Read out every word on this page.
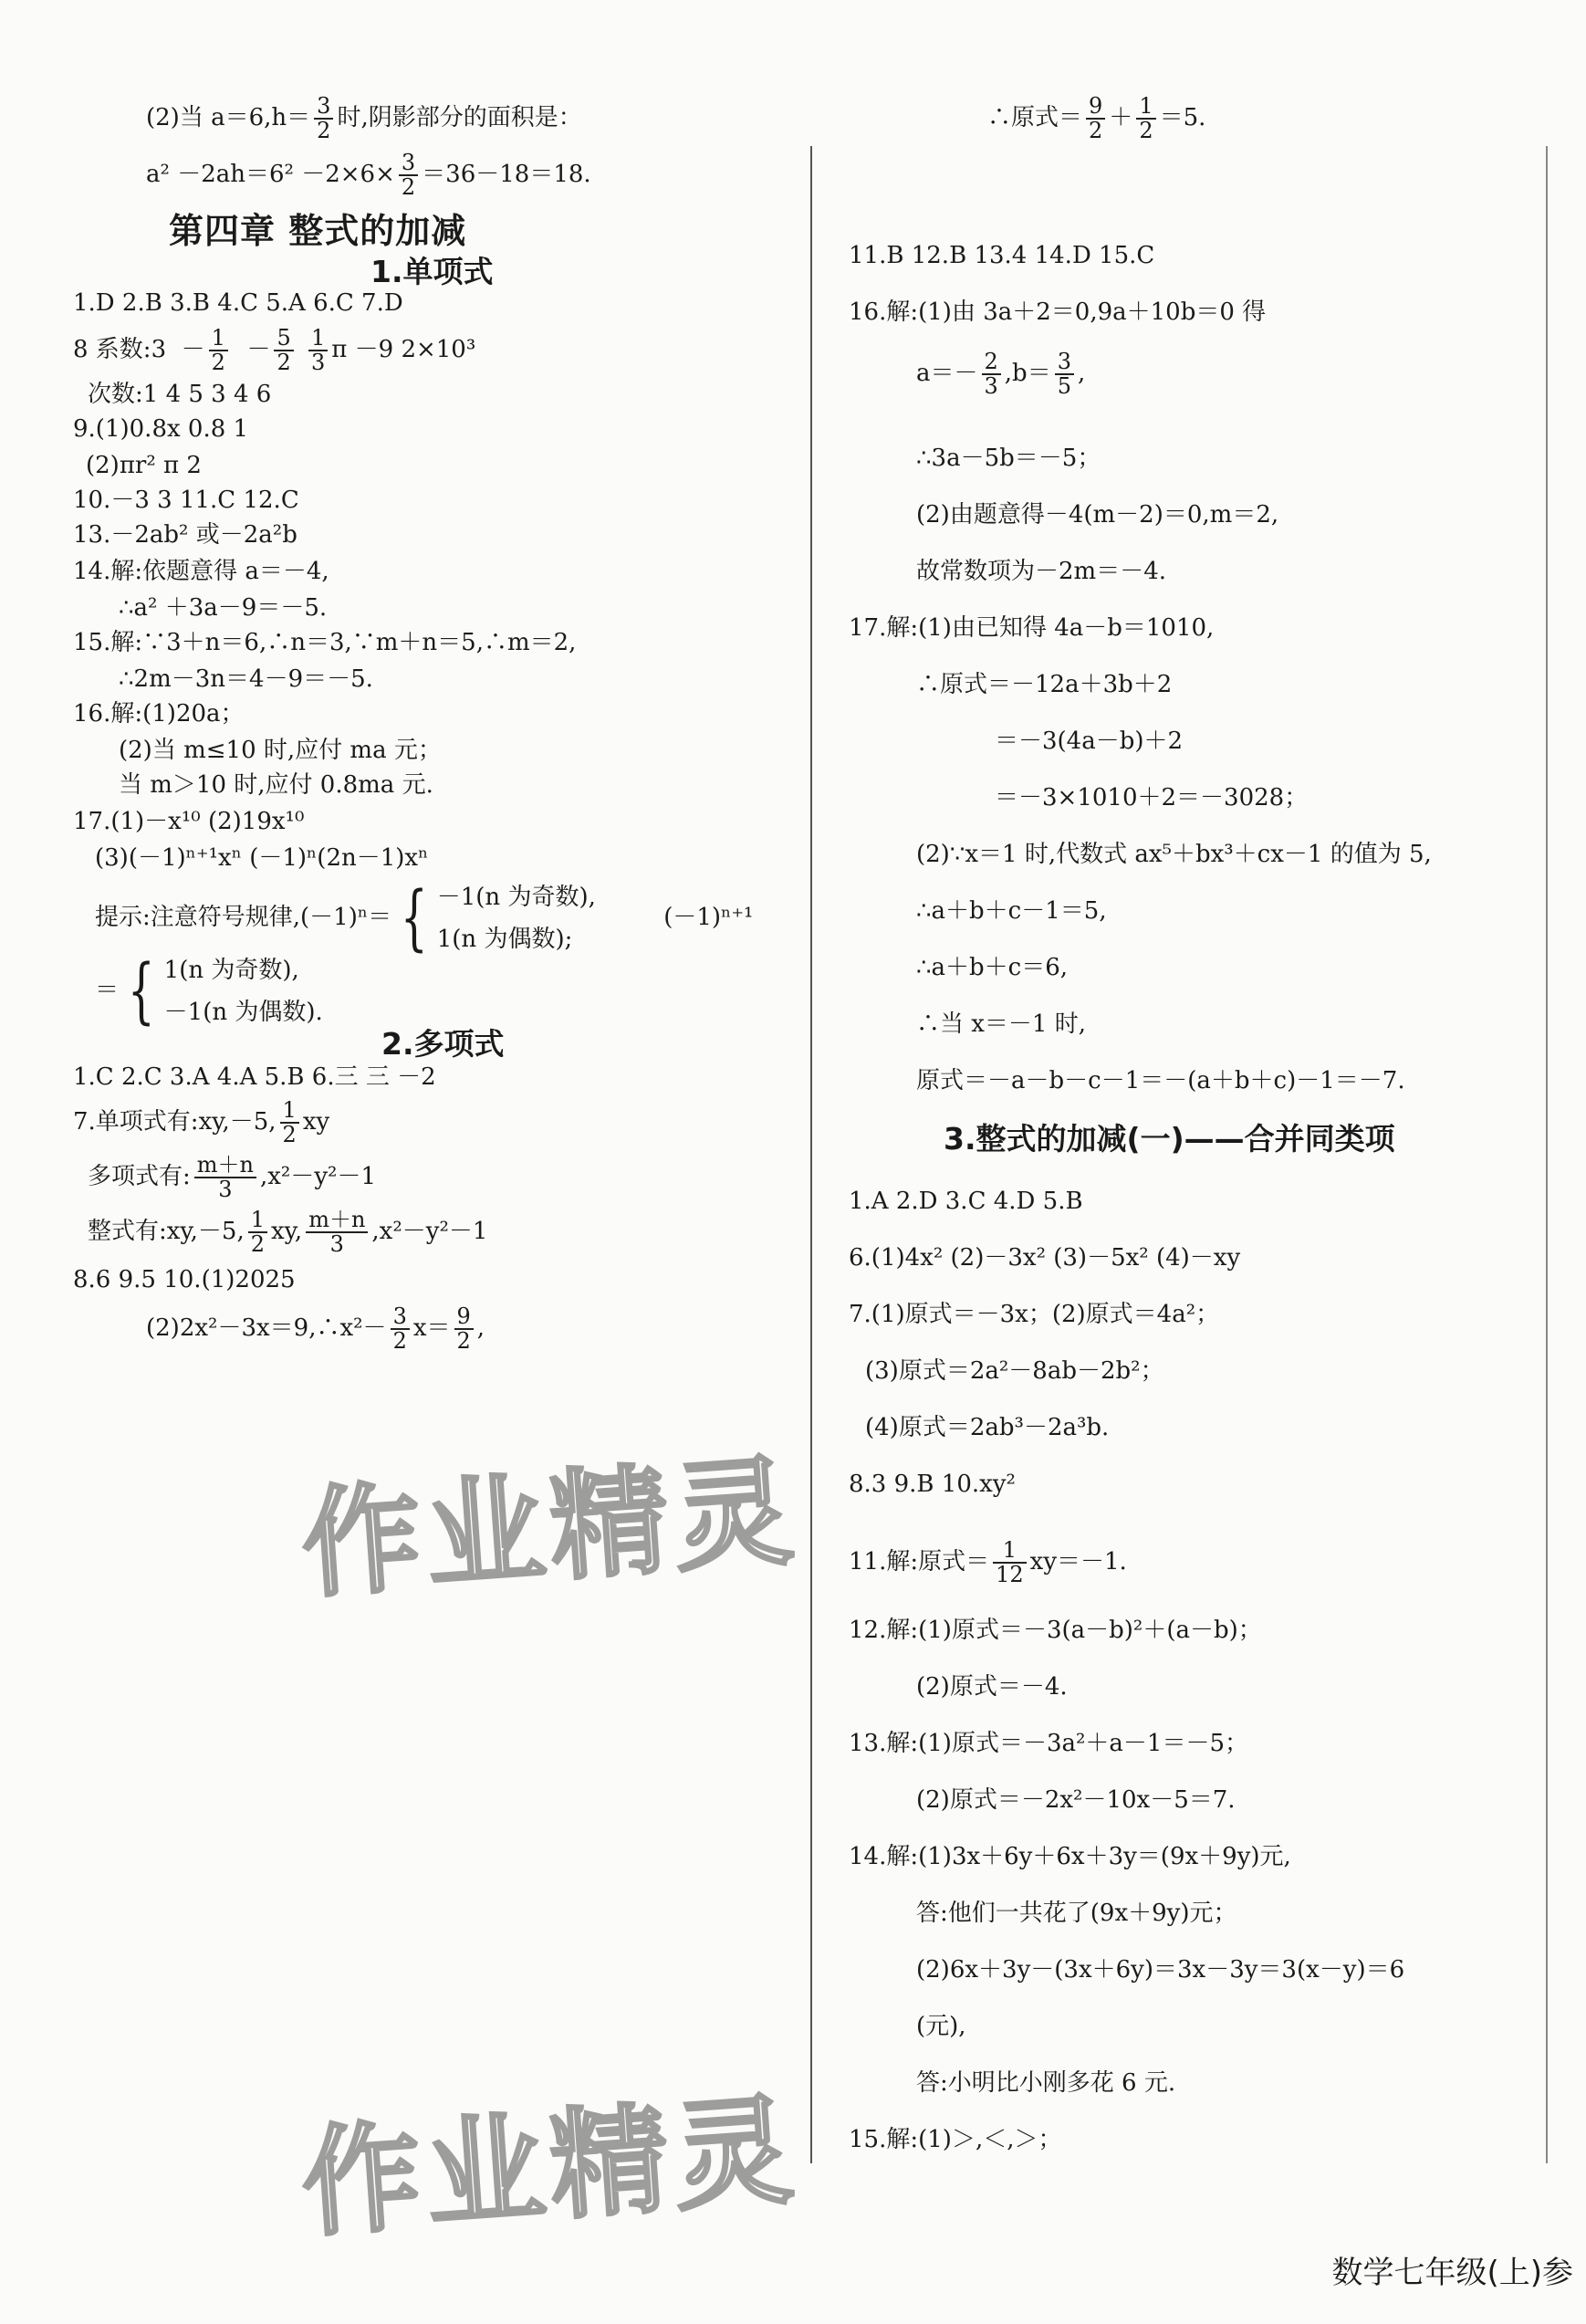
(2)当 $a=6,h= \frac{3}{2}$ 时,阴影部分的面积是：
$a^2 -2ah=6^2 -2\times 6\times \frac{3}{2} =36-18=18$.
第四章 整式的加减
1.单项式
1.D 2.B 3.B 4.C 5.A 6.C 7.D
8 系数:3  － $\frac{1}{2} - \frac{5}{2}$
$\frac{1}{3}$ π －9 2×10³
次数:1 4 5 3 4 6
9.(1)0.8x 0.8 1
(2)πr² π 2
10.－3 3 11.C 12.C
13.－2ab² 或－2a²b
14.解:依题意得 a＝－4,
∴a² ＋3a－9＝－5.
15.解:∵3＋n＝6,∴n＝3,∵m＋n＝5,∴m＝2,
∴2m－3n＝4－9＝－5.
16.解:(1)20a；
(2)当 m≤10 时,应付 ma 元；
当 m＞10 时,应付 0.8ma 元.
17.(1)－x¹⁰ (2)19x¹⁰
(3)(－1)ⁿ⁺¹xⁿ (－1)ⁿ(2n－1)xⁿ
提示:注意符号规律,(－1)ⁿ＝ { －1(n 为奇数),
1(n 为偶数);
(－1)ⁿ⁺¹
＝ { 1(n 为奇数),
－1(n 为偶数).
2.多项式
1.C 2.C 3.A 4.A 5.B 6.三 三 －2
7.单项式有:xy,－5, $\frac{1}{2}$ xy
多项式有: $\frac{m+n}{3} ,x^2-y^2-1$
整式有:xy,－5, $\frac{1}{2}$ xy, $\frac{m+n}{3} ,x^2-y^2-1$
8.6 9.5 10.(1)2025
(2)2x²－3x＝9,∴x²－ $\frac{3}{2} x= \frac{9}{2}$ ,
∴原式＝ $\frac{9}{2} + \frac{1}{2} =5$.
11.B 12.B 13.4 14.D 15.C
16.解:(1)由 3a＋2＝0,9a＋10b＝0 得
$a=- \frac{2}{3} ,b= \frac{3}{5}$ ,
∴3a－5b＝－5；
(2)由题意得－4(m－2)＝0,m＝2,
故常数项为－2m＝－4.
17.解:(1)由已知得 4a－b＝1010,
∴原式＝－12a＋3b＋2
＝－3(4a－b)＋2
＝－3×1010＋2＝－3028；
(2)∵x＝1 时,代数式 ax⁵＋bx³＋cx－1 的值为 5,
∴a＋b＋c－1＝5,
∴a＋b＋c＝6,
∴当 x＝－1 时,
原式＝－a－b－c－1＝－(a＋b＋c)－1＝－7.
3.整式的加减(一)——合并同类项
1.A 2.D 3.C 4.D 5.B
6.(1)4x² (2)－3x² (3)－5x² (4)－xy
7.(1)原式＝－3x；(2)原式＝4a²；
(3)原式＝2a²－8ab－2b²；
(4)原式＝2ab³－2a³b.
8.3 9.B 10.xy²
11.解:原式＝ $\frac{1}{12} xy=-1$.
12.解:(1)原式＝－3(a－b)²＋(a－b)；
(2)原式＝－4.
13.解:(1)原式＝－3a²＋a－1＝－5；
(2)原式＝－2x²－10x－5＝7.
14.解:(1)3x＋6y＋6x＋3y＝(9x＋9y)元,
答:他们一共花了(9x＋9y)元；
(2)6x＋3y－(3x＋6y)＝3x－3y＝3(x－y)＝6
(元),
答:小明比小刚多花 6 元.
15.解:(1)＞,＜,＞；
作业精灵
作业精灵
数学七年级(上)参
